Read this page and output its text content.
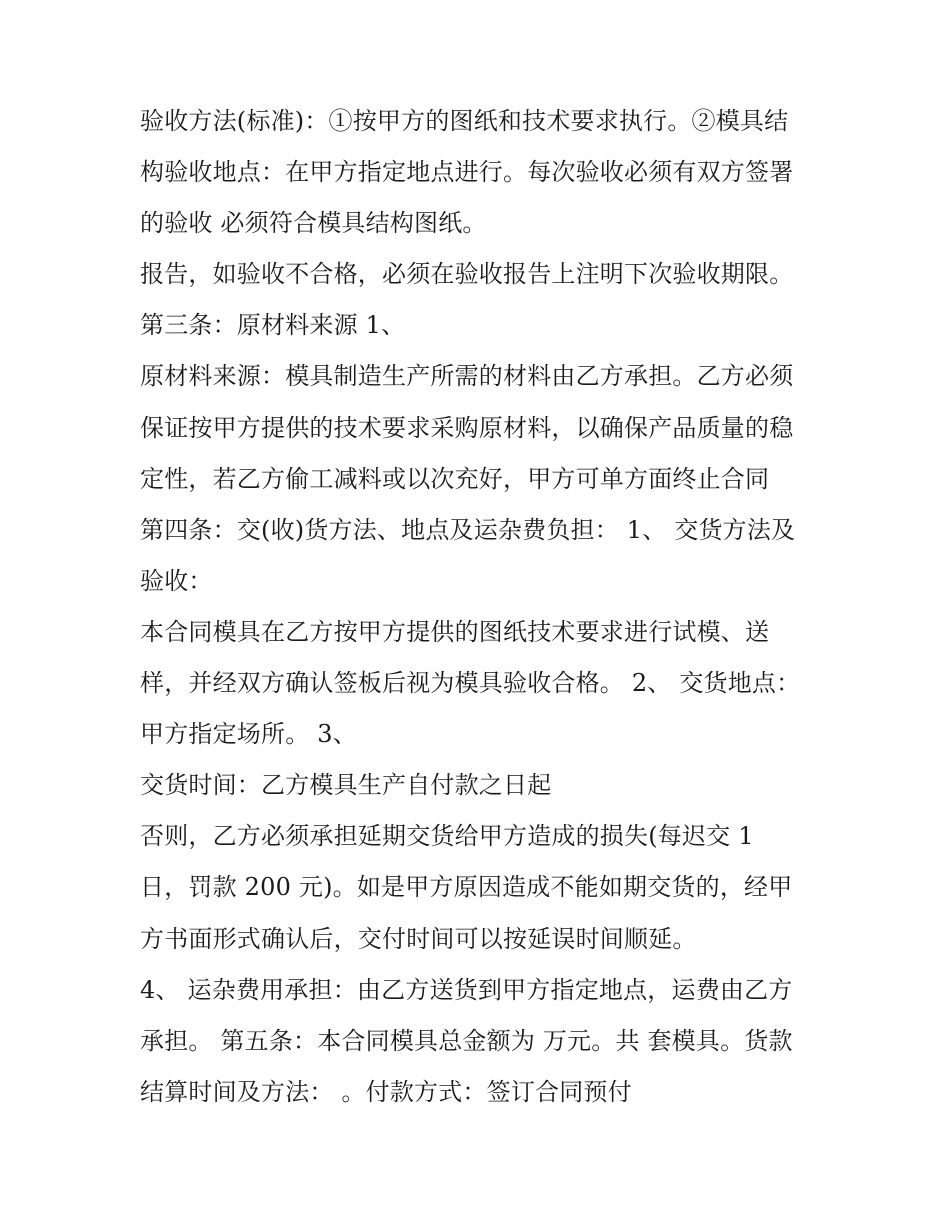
验收方法(标准)：①按甲方的图纸和技术要求执行。②模具结
构验收地点：在甲方指定地点进行。每次验收必须有双方签署
的验收 必须符合模具结构图纸。
报告，如验收不合格，必须在验收报告上注明下次验收期限。
第三条：原材料来源 1、
原材料来源：模具制造生产所需的材料由乙方承担。乙方必须
保证按甲方提供的技术要求采购原材料，以确保产品质量的稳
定性，若乙方偷工减料或以次充好，甲方可单方面终止合同
第四条：交(收)货方法、地点及运杂费负担： 1、 交货方法及
验收：
本合同模具在乙方按甲方提供的图纸技术要求进行试模、送
样，并经双方确认签板后视为模具验收合格。 2、 交货地点：
甲方指定场所。 3、
交货时间：乙方模具生产自付款之日起
否则，乙方必须承担延期交货给甲方造成的损失(每迟交 1
日，罚款 200 元)。如是甲方原因造成不能如期交货的，经甲
方书面形式确认后，交付时间可以按延误时间顺延。
4、 运杂费用承担：由乙方送货到甲方指定地点，运费由乙方
承担。 第五条：本合同模具总金额为 万元。共 套模具。货款
结算时间及方法： 。付款方式：签订合同预付
